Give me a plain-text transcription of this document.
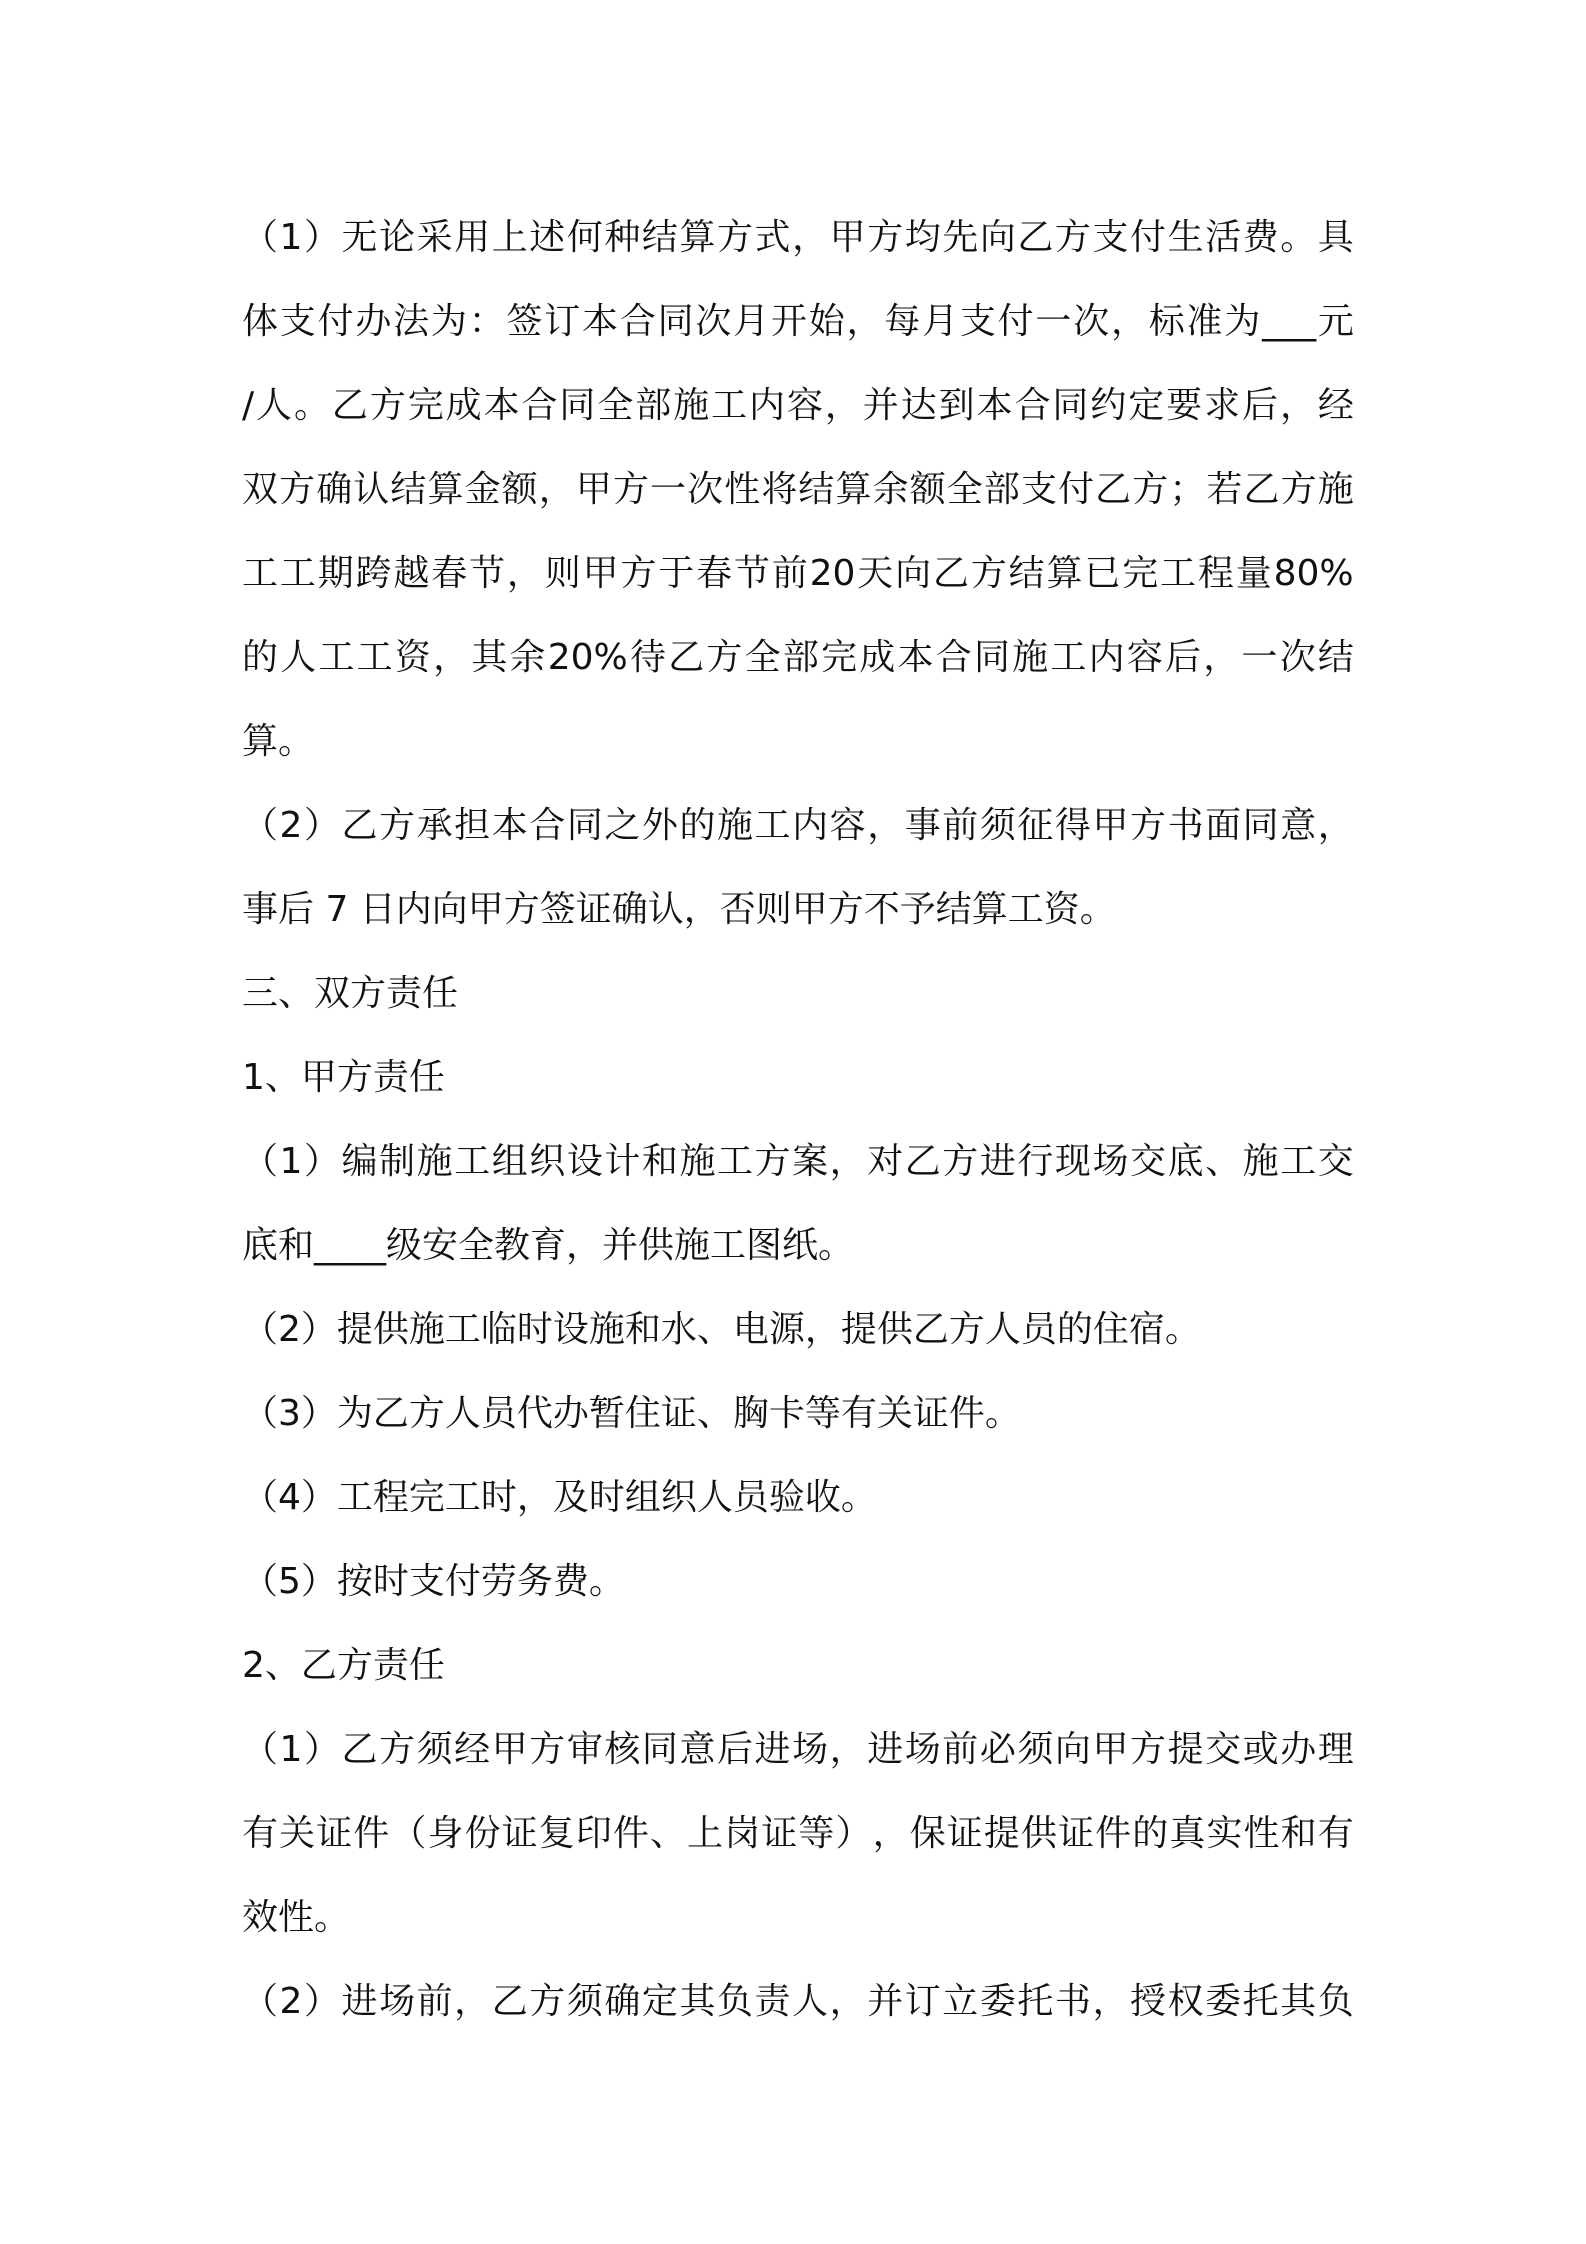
（ 1 ） 无 论 采 用 上 述 何 种 结 算 方 式 ， 甲 方 均 先 向 乙 方 支 付 生 活 费 。 具
体 支 付 办 法 为 ： 签 订 本 合 同 次 月 开 始 ， 每 月 支 付 一 次 ， 标 准 为 ___ 元
/ 人 。 乙 方 完 成 本 合 同 全 部 施 工 内 容 ， 并 达 到 本 合 同 约 定 要 求 后 ， 经
双 方 确 认 结 算 金 额 ， 甲 方 一 次 性 将 结 算 余 额 全 部 支 付 乙 方 ； 若 乙 方 施
工 工 期 跨 越 春 节 ， 则 甲 方 于 春 节 前 20 天 向 乙 方 结 算 已 完 工 程 量 80%
的 人 工 工 资 ， 其 余 20% 待 乙 方 全 部 完 成 本 合 同 施 工 内 容 后 ， 一 次 结
算。
（ 2 ） 乙 方 承 担 本 合 同 之 外 的 施 工 内 容 ， 事 前 须 征 得 甲 方 书 面 同 意 ，
事后 7 日内向甲方签证确认，否则甲方不予结算工资。
三、双方责任
1、甲方责任
（ 1 ） 编 制 施 工 组 织 设 计 和 施 工 方 案 ， 对 乙 方 进 行 现 场 交 底 、 施 工 交
底和____级安全教育，并供施工图纸。
（2）提供施工临时设施和水、电源，提供乙方人员的住宿。
（3）为乙方人员代办暂住证、胸卡等有关证件。
（4）工程完工时，及时组织人员验收。
（5）按时支付劳务费。
2、乙方责任
（ 1 ） 乙 方 须 经 甲 方 审 核 同 意 后 进 场 ， 进 场 前 必 须 向 甲 方 提 交 或 办 理
有 关 证 件 （ 身 份 证 复 印 件 、 上 岗 证 等 ） ， 保 证 提 供 证 件 的 真 实 性 和 有
效性。
（ 2 ） 进 场 前 ， 乙 方 须 确 定 其 负 责 人 ， 并 订 立 委 托 书 ， 授 权 委 托 其 负
